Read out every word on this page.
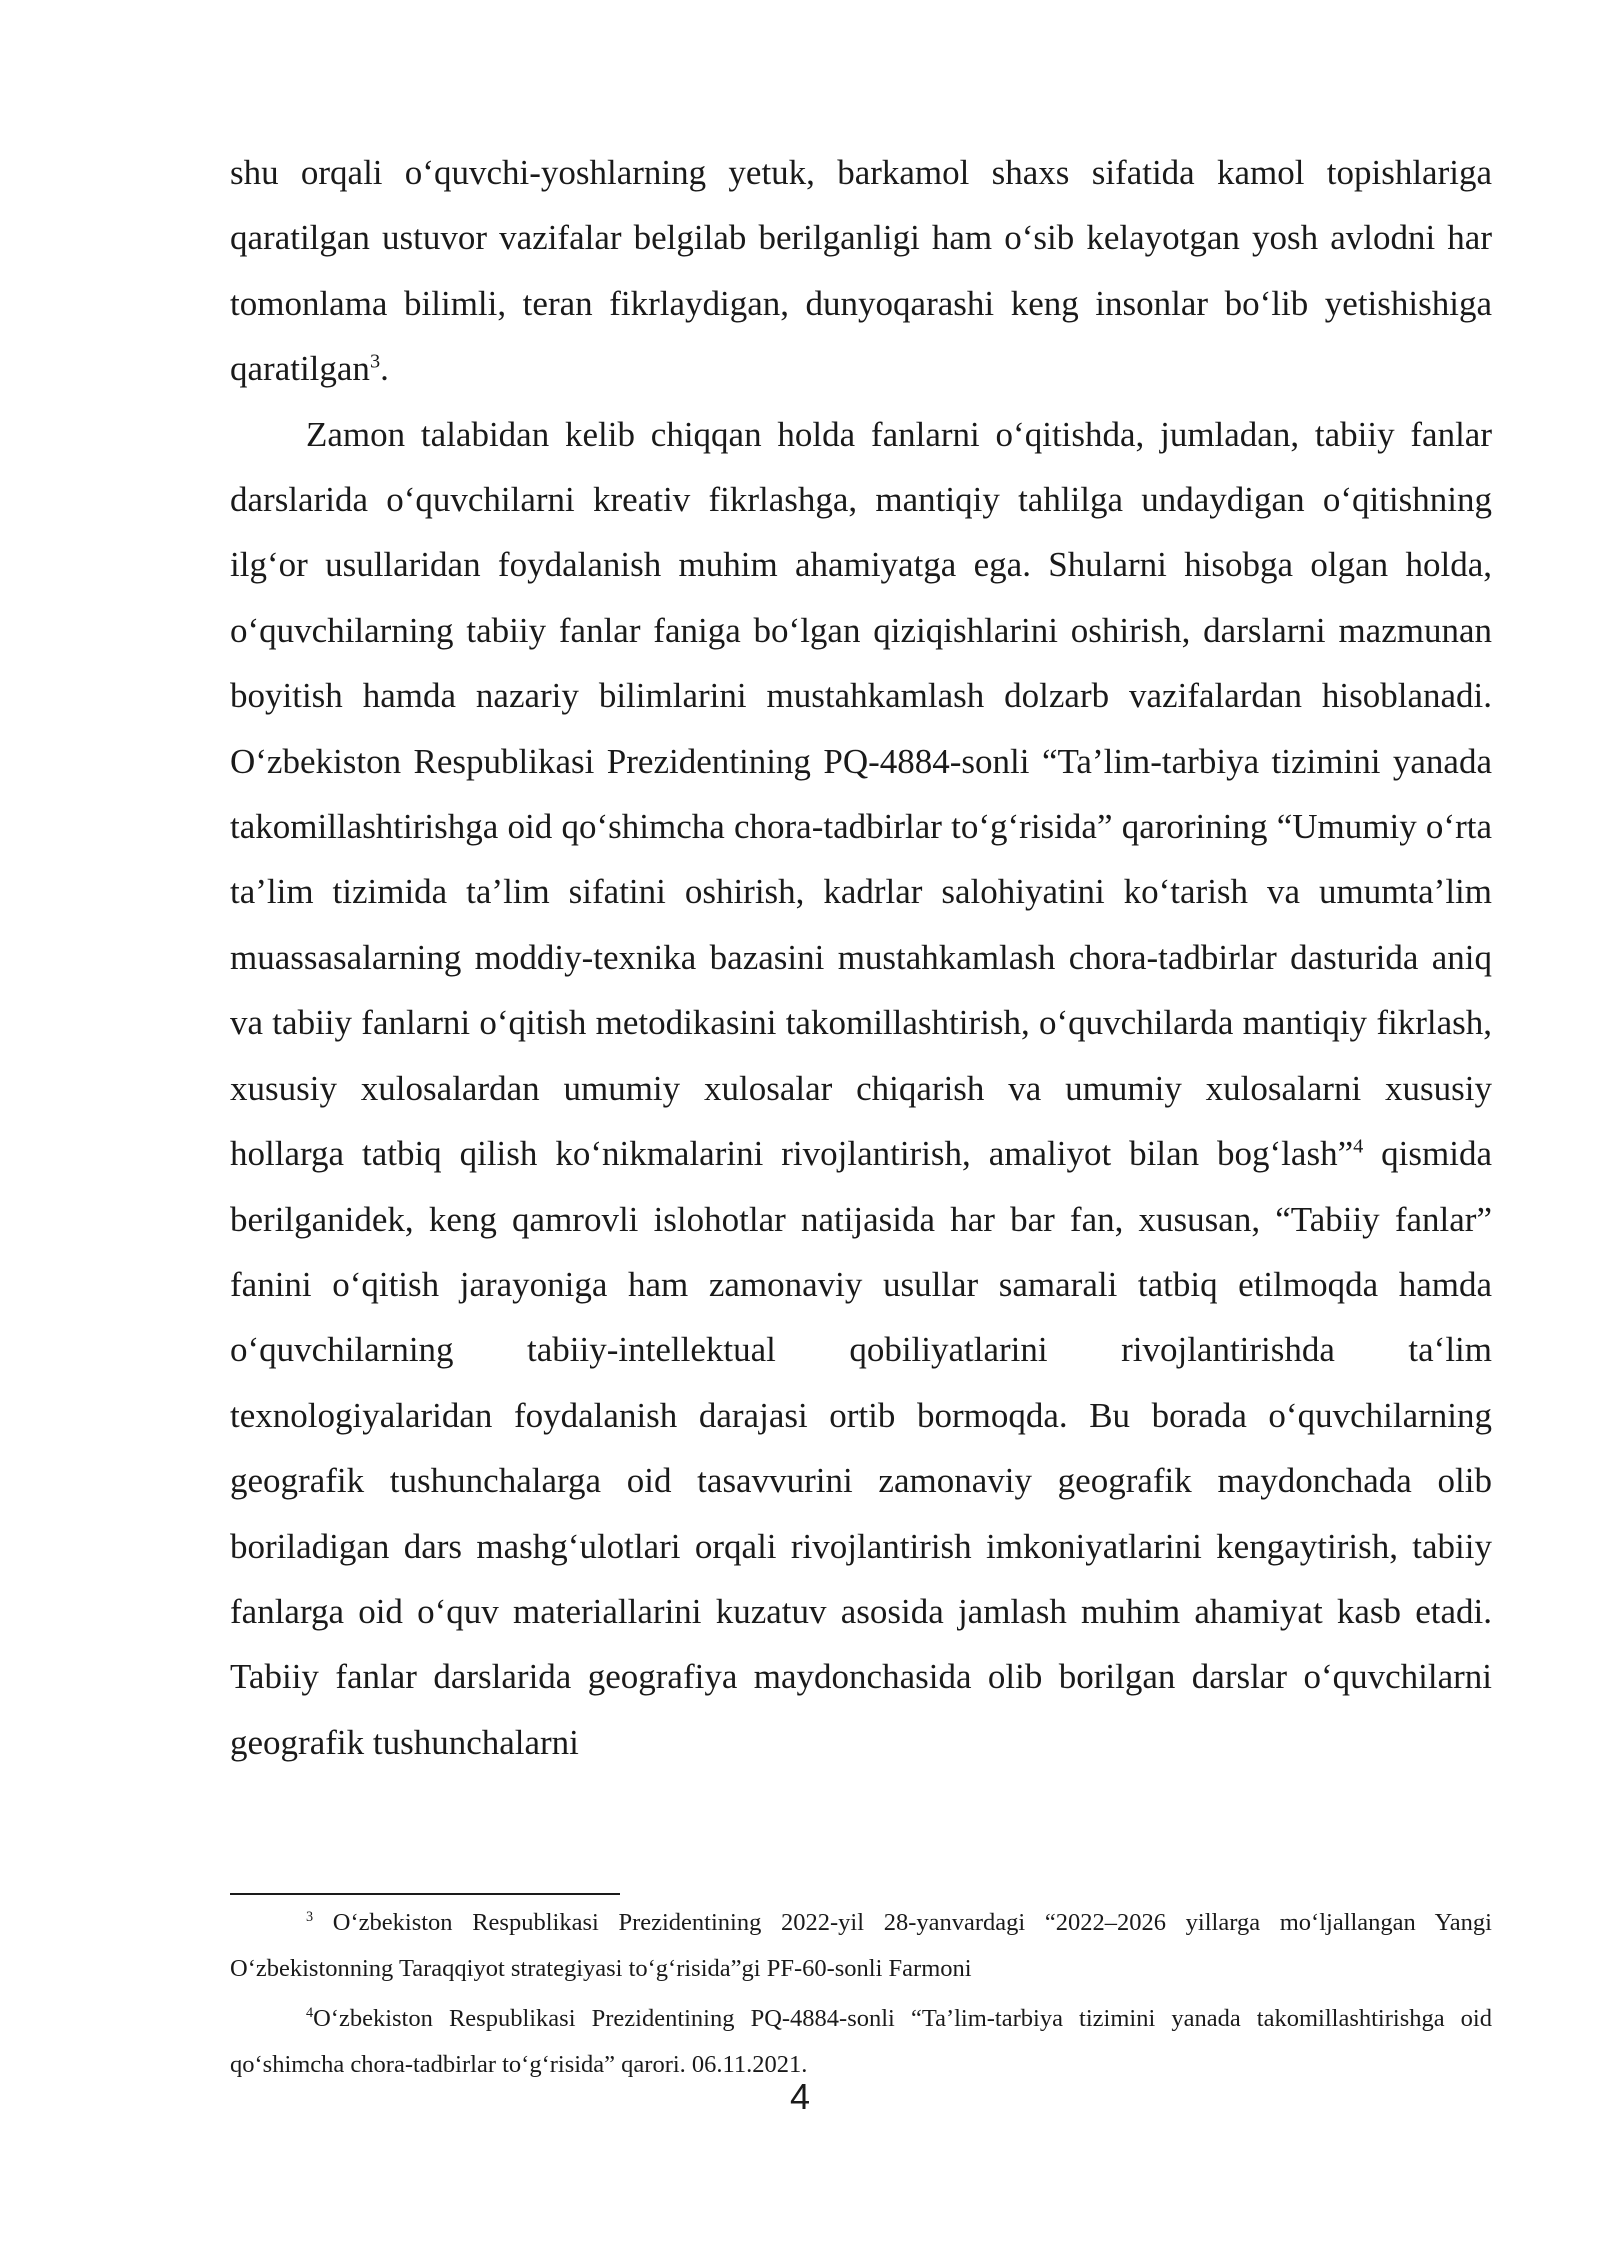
shu orqali o‘quvchi-yoshlarning yetuk, barkamol shaxs sifatida kamol topishlariga qaratilgan ustuvor vazifalar belgilab berilganligi ham o‘sib kelayotgan yosh avlodni har tomonlama bilimli, teran fikrlaydigan, dunyoqarashi keng insonlar bo‘lib yetishishiga qaratilgan$^3$.

Zamon talabidan kelib chiqqan holda fanlarni o‘qitishda, jumladan, tabiiy fanlar darslarida o‘quvchilarni kreativ fikrlashga, mantiqiy tahlilga undaydigan o‘qitishning ilg‘or usullaridan foydalanish muhim ahamiyatga ega. Shularni hisobga olgan holda, o‘quvchilarning tabiiy fanlar faniga bo‘lgan qiziqishlarini oshirish, darslarni mazmunan boyitish hamda nazariy bilimlarini mustahkamlash dolzarb vazifalardan hisoblanadi. O‘zbekiston Respublikasi Prezidentining PQ-4884-sonli “Ta’lim-tarbiya tizimini yanada takomillashtirishga oid qo‘shimcha chora-tadbirlar to‘g‘risida” qarorining “Umumiy o‘rta ta’lim tizimida ta’lim sifatini oshirish, kadrlar salohiyatini ko‘tarish va umumta’lim muassasalarning moddiy-texnika bazasini mustahkamlash chora-tadbirlar dasturida aniq va tabiiy fanlarni o‘qitish metodikasini takomillashtirish, o‘quvchilarda mantiqiy fikrlash, xususiy xulosalardan umumiy xulosalar chiqarish va umumiy xulosalarni xususiy hollarga tatbiq qilish ko‘nikmalarini rivojlantirish, amaliyot bilan bog‘lash”$^4$ qismida berilganidek, keng qamrovli islohotlar natijasida har bar fan, xususan, “Tabiiy fanlar” fanini o‘qitish jarayoniga ham zamonaviy usullar samarali tatbiq etilmoqda hamda o‘quvchilarning tabiiy-intellektual qobiliyatlarini rivojlantirishda ta‘lim texnologiyalaridan foydalanish darajasi ortib bormoqda. Bu borada o‘quvchilarning geografik tushunchalarga oid tasavvurini zamonaviy geografik maydonchada olib boriladigan dars mashg‘ulotlari orqali rivojlantirish imkoniyatlarini kengaytirish, tabiiy fanlarga oid o‘quv materiallarini kuzatuv asosida jamlash muhim ahamiyat kasb etadi. Tabiiy fanlar darslarida geografiya maydonchasida olib borilgan darslar o‘quvchilarni geografik tushunchalarni

$^3$ O‘zbekiston Respublikasi Prezidentining 2022-yil 28-yanvardagi “2022–2026 yillarga mo‘ljallangan Yangi O‘zbekistonning Taraqqiyot strategiyasi to‘g‘risida”gi PF-60-sonli Farmoni

$^4$O‘zbekiston Respublikasi Prezidentining PQ-4884-sonli “Ta’lim-tarbiya tizimini yanada takomillashtirishga oid qo‘shimcha chora-tadbirlar to‘g‘risida” qarori. 06.11.2021.

4
